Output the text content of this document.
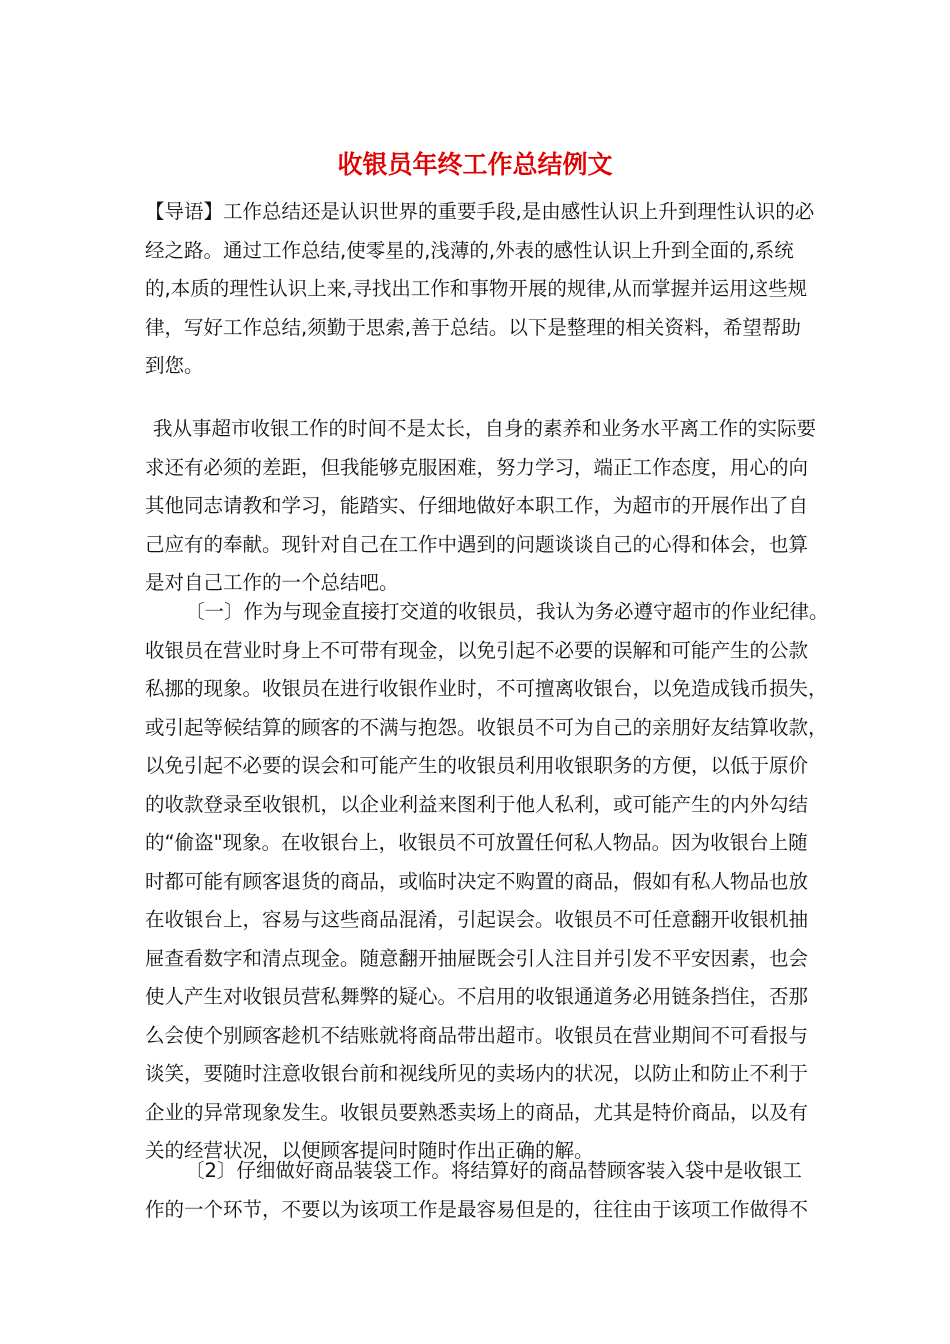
收银员年终工作总结例文
【导语】工作总结还是认识世界的重要手段,是由感性认识上升到理性认识的必
经之路。通过工作总结,使零星的,浅薄的,外表的感性认识上升到全面的,系统
的,本质的理性认识上来,寻找出工作和事物开展的规律,从而掌握并运用这些规
律，写好工作总结,须勤于思索,善于总结。以下是整理的相关资料，希望帮助
到您。
我从事超市收银工作的时间不是太长，自身的素养和业务水平离工作的实际要
求还有必须的差距，但我能够克服困难，努力学习，端正工作态度，用心的向
其他同志请教和学习，能踏实、仔细地做好本职工作，为超市的开展作出了自
己应有的奉献。现针对自己在工作中遇到的问题谈谈自己的心得和体会，也算
是对自己工作的一个总结吧。
〔一〕作为与现金直接打交道的收银员，我认为务必遵守超市的作业纪律。
收银员在营业时身上不可带有现金，以免引起不必要的误解和可能产生的公款
私挪的现象。收银员在进行收银作业时，不可擅离收银台，以免造成钱币损失，
或引起等候结算的顾客的不满与抱怨。收银员不可为自己的亲朋好友结算收款，
以免引起不必要的误会和可能产生的收银员利用收银职务的方便，以低于原价
的收款登录至收银机，以企业利益来图利于他人私利，或可能产生的内外勾结
的“偷盗"现象。在收银台上，收银员不可放置任何私人物品。因为收银台上随
时都可能有顾客退货的商品，或临时决定不购置的商品，假如有私人物品也放
在收银台上，容易与这些商品混淆，引起误会。收银员不可任意翻开收银机抽
屉查看数字和清点现金。随意翻开抽屉既会引人注目并引发不平安因素，也会
使人产生对收银员营私舞弊的疑心。不启用的收银通道务必用链条挡住，否那
么会使个别顾客趁机不结账就将商品带出超市。收银员在营业期间不可看报与
谈笑，要随时注意收银台前和视线所见的卖场内的状况，以防止和防止不利于
企业的异常现象发生。收银员要熟悉卖场上的商品，尤其是特价商品，以及有
关的经营状况，以便顾客提问时随时作出正确的解。
〔2〕仔细做好商品装袋工作。将结算好的商品替顾客装入袋中是收银工
作的一个环节，不要以为该项工作是最容易但是的，往往由于该项工作做得不
